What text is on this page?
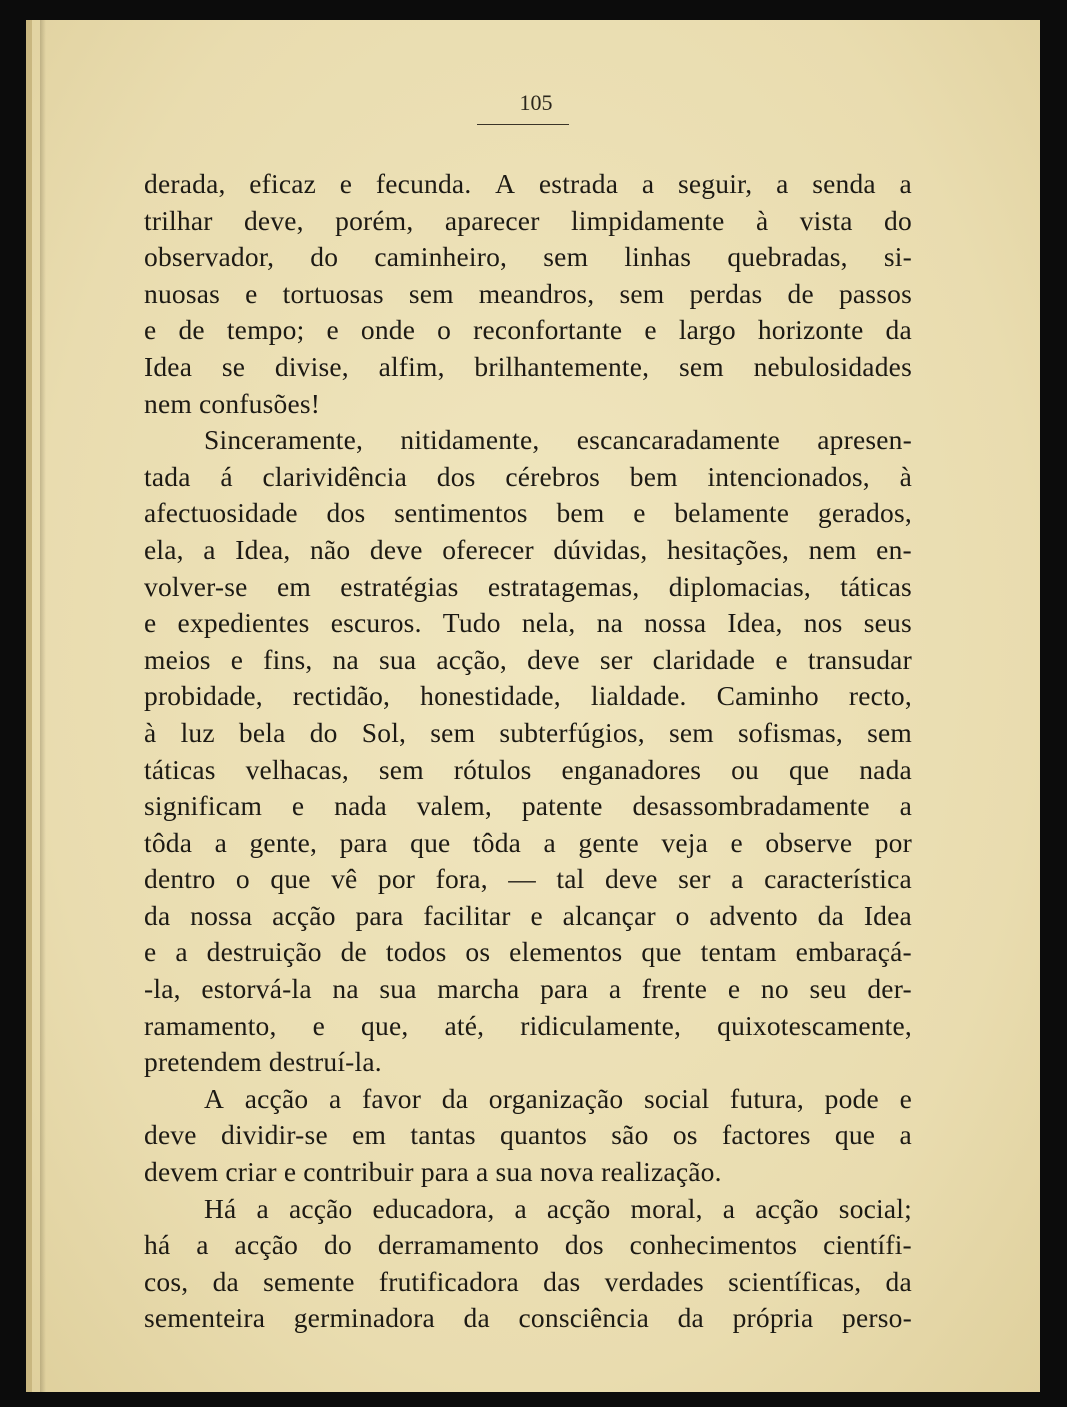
105
derada, eficaz e fecunda. A estrada a seguir, a senda a
trilhar deve, porém, aparecer limpidamente à vista do
observador, do caminheiro, sem linhas quebradas, si-
nuosas e tortuosas sem meandros, sem perdas de passos
e de tempo; e onde o reconfortante e largo horizonte da
Idea se divise, alfim, brilhantemente, sem nebulosidades
nem confusões!
Sinceramente, nitidamente, escancaradamente apresen-
tada á clarividência dos cérebros bem intencionados, à
afectuosidade dos sentimentos bem e belamente gerados,
ela, a Idea, não deve oferecer dúvidas, hesitações, nem en-
volver-se em estratégias estratagemas, diplomacias, táticas
e expedientes escuros. Tudo nela, na nossa Idea, nos seus
meios e fins, na sua acção, deve ser claridade e transudar
probidade, rectidão, honestidade, lialdade. Caminho recto,
à luz bela do Sol, sem subterfúgios, sem sofismas, sem
táticas velhacas, sem rótulos enganadores ou que nada
significam e nada valem, patente desassombradamente a
tôda a gente, para que tôda a gente veja e observe por
dentro o que vê por fora, — tal deve ser a característica
da nossa acção para facilitar e alcançar o advento da Idea
e a destruição de todos os elementos que tentam embaraçá-
-la, estorvá-la na sua marcha para a frente e no seu der-
ramamento, e que, até, ridiculamente, quixotescamente,
pretendem destruí-la.
A acção a favor da organização social futura, pode e
deve dividir-se em tantas quantos são os factores que a
devem criar e contribuir para a sua nova realização.
Há a acção educadora, a acção moral, a acção social;
há a acção do derramamento dos conhecimentos científi-
cos, da semente frutificadora das verdades scientíficas, da
sementeira germinadora da consciência da própria perso-
